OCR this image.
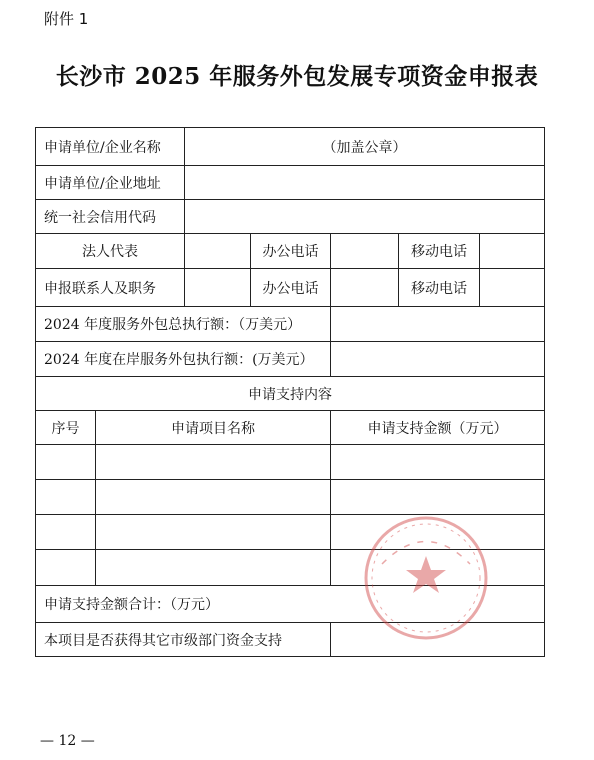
附件 1
长沙市 2025 年服务外包发展专项资金申报表
申请单位/企业名称	（加盖公章）
申请单位/企业地址
统一社会信用代码
法人代表	办公电话	移动电话
申报联系人及职务	办公电话	移动电话
2024 年度服务外包总执行额：（万美元）
2024 年度在岸服务外包执行额：(万美元）
申请支持内容
序号	申请项目名称	申请支持金额（万元）
申请支持金额合计：（万元）
本项目是否获得其它市级部门资金支持
— 12 —
